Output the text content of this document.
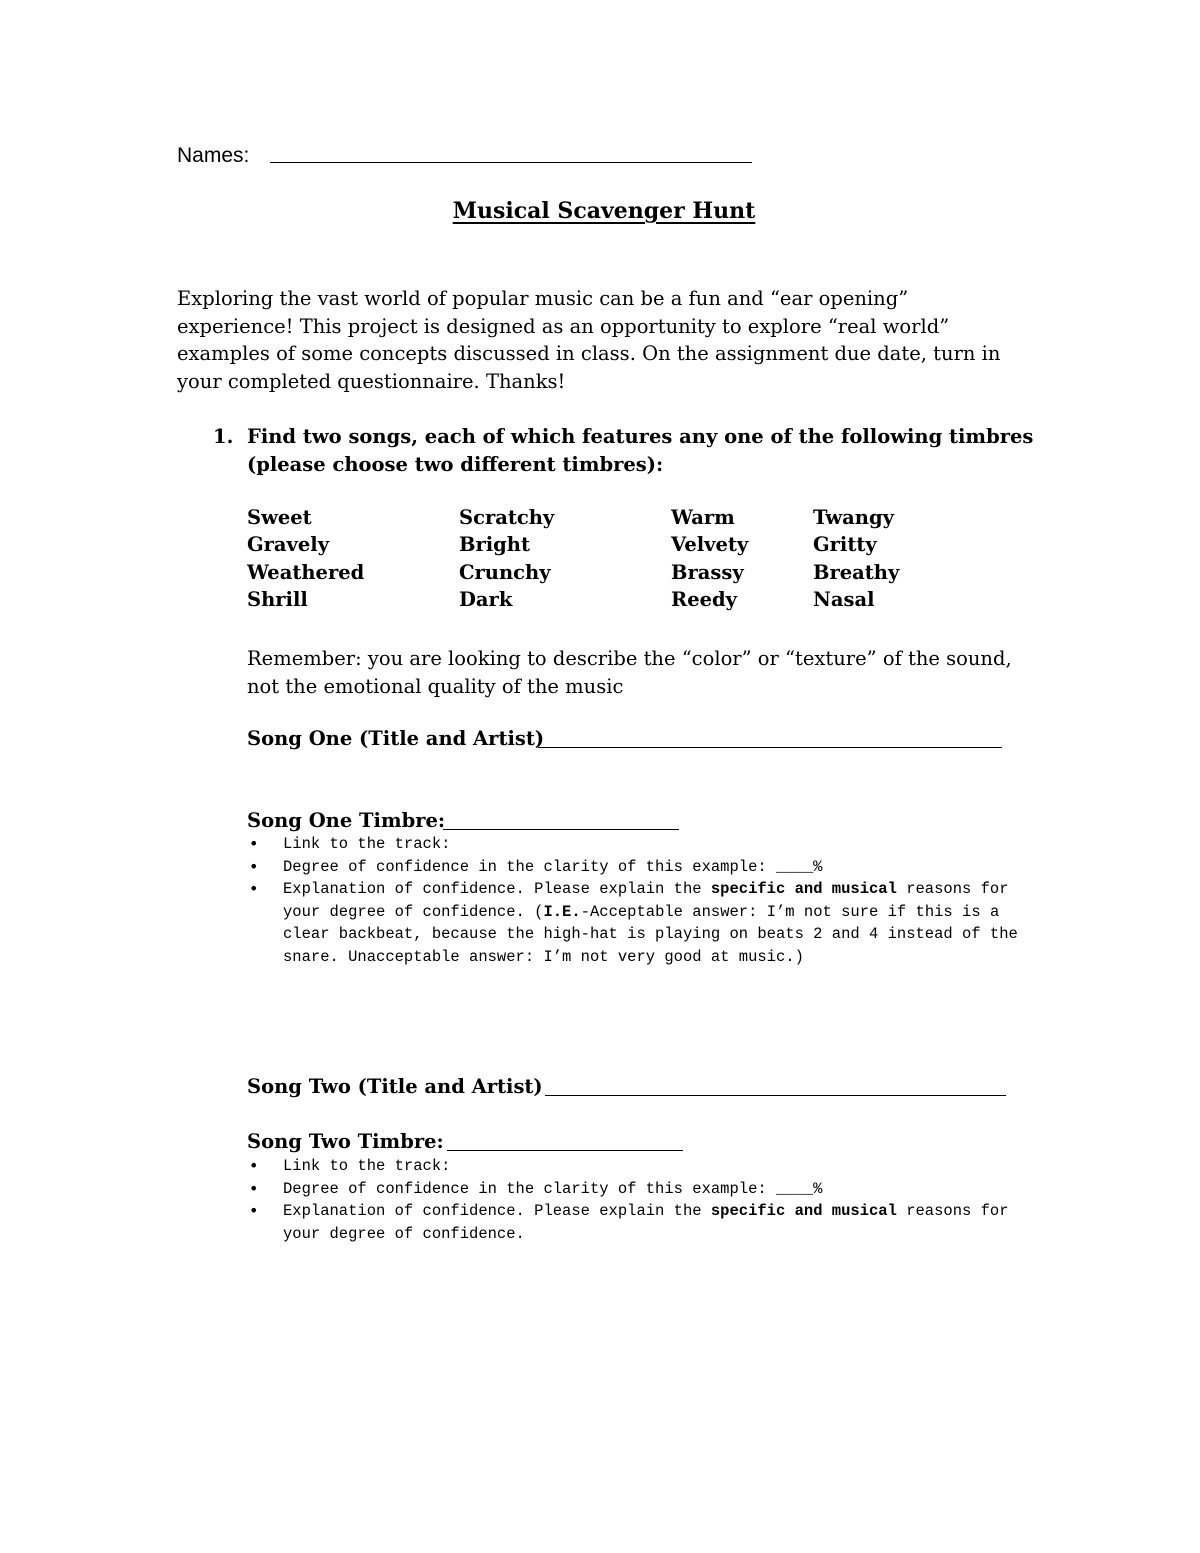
Names:
Musical Scavenger Hunt
Exploring the vast world of popular music can be a fun and “ear opening” experience! This project is designed as an opportunity to explore “real world” examples of some concepts discussed in class. On the assignment due date, turn in your completed questionnaire. Thanks!
1. Find two songs, each of which features any one of the following timbres (please choose two different timbres):
Sweet
Gravely
Weathered
Shrill
Scratchy
Bright
Crunchy
Dark
Warm
Velvety
Brassy
Reedy
Twangy
Gritty
Breathy
Nasal
Remember: you are looking to describe the “color” or “texture” of the sound, not the emotional quality of the music
Song One (Title and Artist)
Song One Timbre:
• Link to the track:
• Degree of confidence in the clarity of this example: ____%
• Explanation of confidence. Please explain the specific and musical reasons for your degree of confidence. (I.E.-Acceptable answer: I’m not sure if this is a clear backbeat, because the high-hat is playing on beats 2 and 4 instead of the snare. Unacceptable answer: I’m not very good at music.)
Song Two (Title and Artist)
Song Two Timbre:
• Link to the track:
• Degree of confidence in the clarity of this example: ____%
• Explanation of confidence. Please explain the specific and musical reasons for your degree of confidence.
